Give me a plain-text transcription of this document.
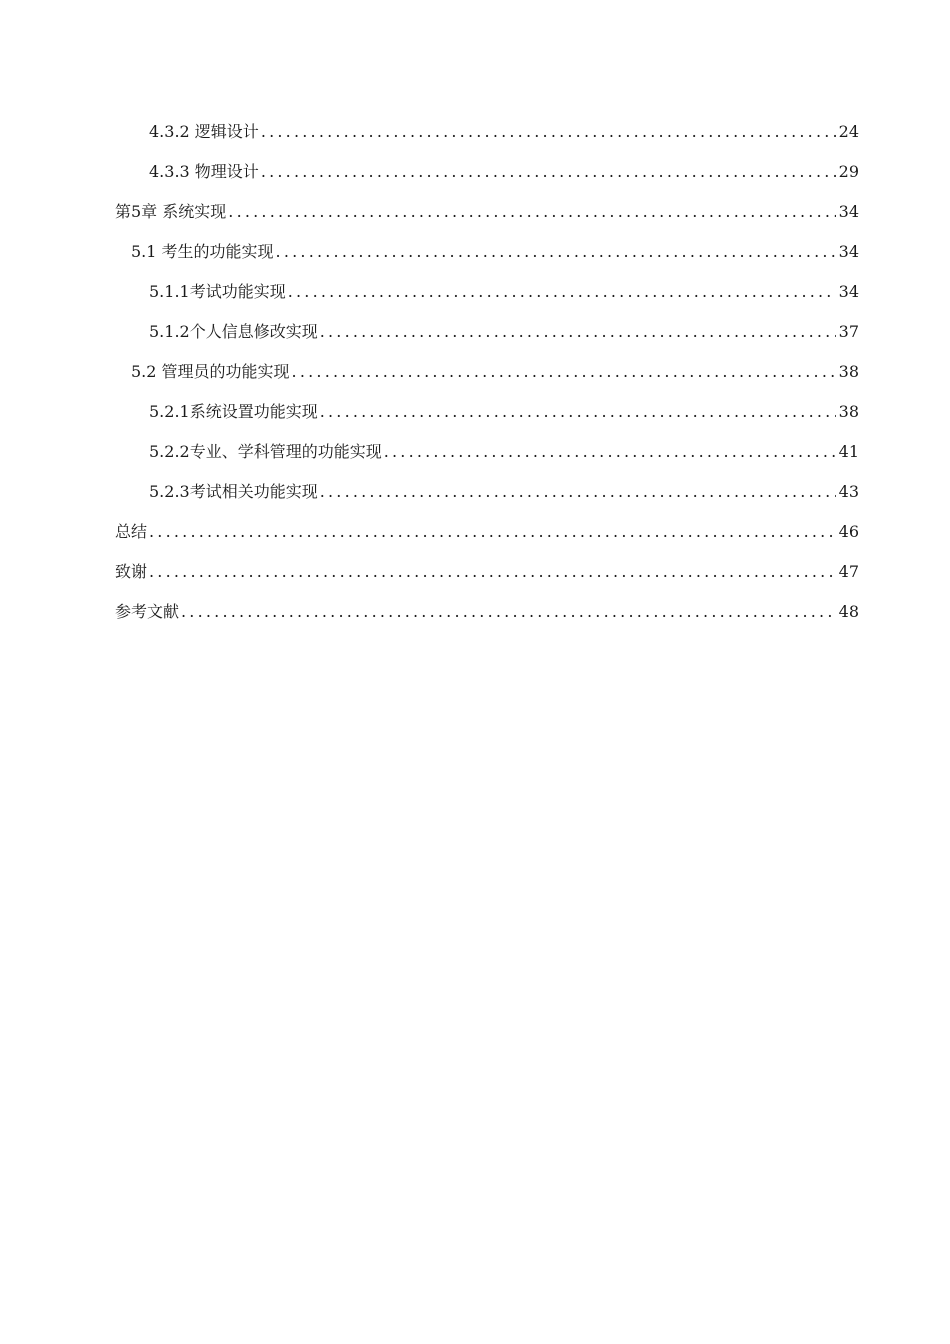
4.3.2 逻辑设计 .....	24
4.3.3 物理设计 .....	29
第5章 系统实现 .....	34
5.1 考生的功能实现 .....	34
5.1.1考试功能实现 .....	34
5.1.2个人信息修改实现 .....	37
5.2 管理员的功能实现 .....	38
5.2.1系统设置功能实现 .....	38
5.2.2专业、学科管理的功能实现 .....	41
5.2.3考试相关功能实现 .....	43
总结 .....	46
致谢 .....	47
参考文献 .....	48
